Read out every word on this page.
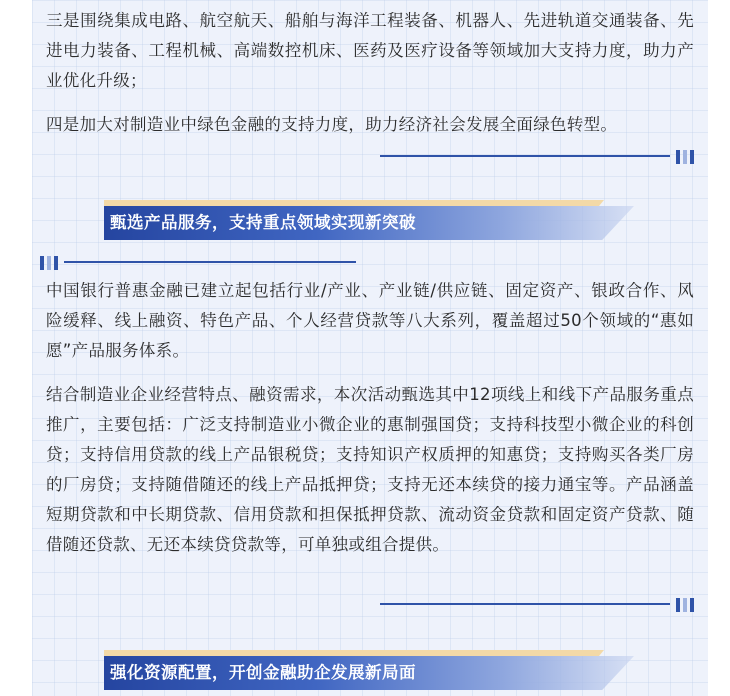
三是围绕集成电路、航空航天、船舶与海洋工程装备、机器人、先进轨道交通装备、先进电力装备、工程机械、高端数控机床、医药及医疗设备等领域加大支持力度，助力产业优化升级；

四是加大对制造业中绿色金融的支持力度，助力经济社会发展全面绿色转型。

甄选产品服务，支持重点领域实现新突破

中国银行普惠金融已建立起包括行业/产业、产业链/供应链、固定资产、银政合作、风险缓释、线上融资、特色产品、个人经营贷款等八大系列，覆盖超过50个领域的“惠如愿”产品服务体系。

结合制造业企业经营特点、融资需求，本次活动甄选其中12项线上和线下产品服务重点推广，主要包括：广泛支持制造业小微企业的惠制强国贷；支持科技型小微企业的科创贷；支持信用贷款的线上产品银税贷；支持知识产权质押的知惠贷；支持购买各类厂房的厂房贷；支持随借随还的线上产品抵押贷；支持无还本续贷的接力通宝等。产品涵盖短期贷款和中长期贷款、信用贷款和担保抵押贷款、流动资金贷款和固定资产贷款、随借随还贷款、无还本续贷贷款等，可单独或组合提供。

强化资源配置，开创金融助企发展新局面
